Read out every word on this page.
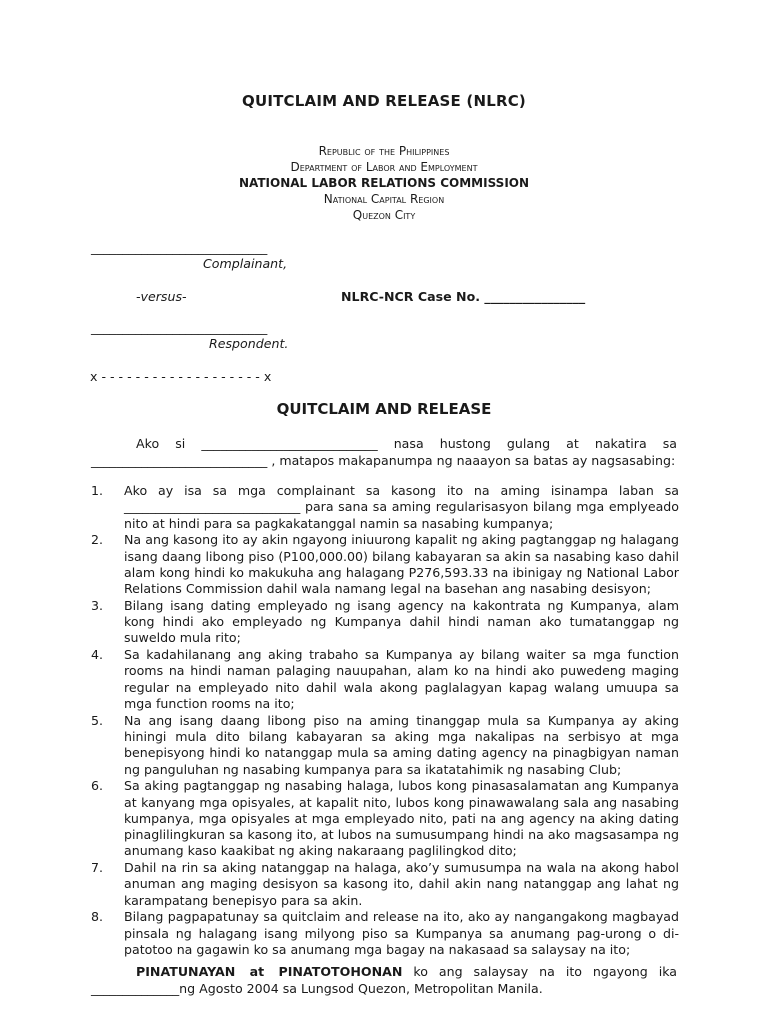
QUITCLAIM AND RELEASE (NLRC)
Republic of the Philippines
Department of Labor and Employment
NATIONAL LABOR RELATIONS COMMISSION
National Capital Region
Quezon City
____________________________
Complainant,
-versus-	NLRC-NCR Case No. ________________
____________________________
Respondent.
x - - - - - - - - - - - - - - - - - - - x
QUITCLAIM AND RELEASE

Ako si ____________________________ nasa hustong gulang at nakatira sa ____________________________ , matapos makapanumpa ng naaayon sa batas ay nagsasabing:

1. Ako ay isa sa mga complainant sa kasong ito na aming isinampa laban sa ____________________________ para sana sa aming regularisasyon bilang mga emplyeado nito at hindi para sa pagkakatanggal namin sa nasabing kumpanya;
2. Na ang kasong ito ay akin ngayong iniuurong kapalit ng aking pagtanggap ng halagang isang daang libong piso (P100,000.00) bilang kabayaran sa akin sa nasabing kaso dahil alam kong hindi ko makukuha ang halagang P276,593.33 na ibinigay ng National Labor Relations Commission dahil wala namang legal na basehan ang nasabing desisyon;
3. Bilang isang dating empleyado ng isang agency na kakontrata ng Kumpanya, alam kong hindi ako empleyado ng Kumpanya dahil hindi naman ako tumatanggap ng suweldo mula rito;
4. Sa kadahilanang ang aking trabaho sa Kumpanya ay bilang waiter sa mga function rooms na hindi naman palaging nauupahan, alam ko na hindi ako puwedeng maging regular na empleyado nito dahil wala akong paglalagyan kapag walang umuupa sa mga function rooms na ito;
5. Na ang isang daang libong piso na aming tinanggap mula sa Kumpanya ay aking hiningi mula dito bilang kabayaran sa aking mga nakalipas na serbisyo at mga benepisyong hindi ko natanggap mula sa aming dating agency na pinagbigyan naman ng panguluhan ng nasabing kumpanya para sa ikatatahimik ng nasabing Club;
6. Sa aking pagtanggap ng nasabing halaga, lubos kong pinasasalamatan ang Kumpanya at kanyang mga opisyales, at kapalit nito, lubos kong pinawawalang sala ang nasabing kumpanya, mga opisyales at mga empleyado nito, pati na ang agency na aking dating pinaglilingkuran sa kasong ito, at lubos na sumusumpang hindi na ako magsasampa ng anumang kaso kaakibat ng aking nakaraang paglilingkod dito;
7. Dahil na rin sa aking natanggap na halaga, ako’y sumusumpa na wala na akong habol anuman ang maging desisyon sa kasong ito, dahil akin nang natanggap ang lahat ng karampatang benepisyo para sa akin.
8. Bilang pagpapatunay sa quitclaim and release na ito, ako ay nangangakong magbayad pinsala ng halagang isang milyong piso sa Kumpanya sa anumang pag-urong o di-patotoo na gagawin ko sa anumang mga bagay na nakasaad sa salaysay na ito;

PINATUNAYAN at PINATOTOHONAN ko ang salaysay na ito ngayong ika ______________ng Agosto 2004 sa Lungsod Quezon, Metropolitan Manila.
